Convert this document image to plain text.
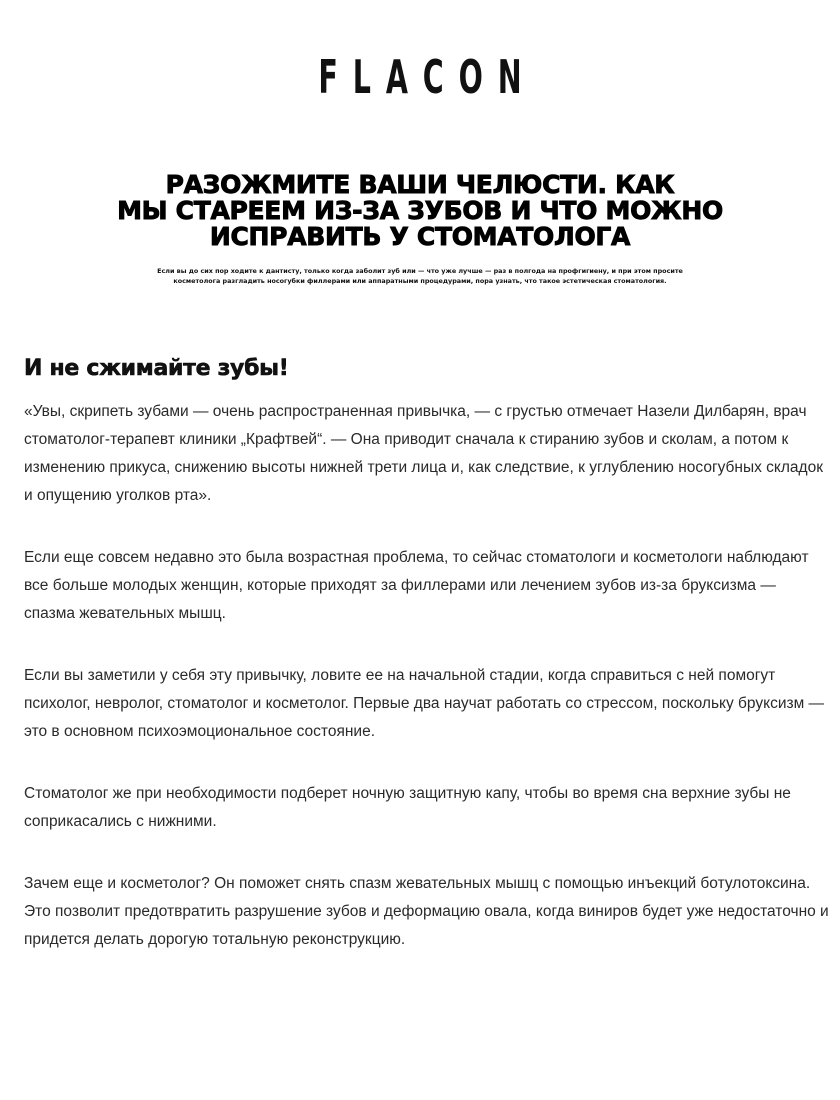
FLACON
РАЗОЖМИТЕ ВАШИ ЧЕЛЮСТИ. КАК
МЫ СТАРЕЕМ ИЗ-ЗА ЗУБОВ И ЧТО МОЖНО
ИСПРАВИТЬ У СТОМАТОЛОГА
Если вы до сих пор ходите к дантисту, только когда заболит зуб или — что уже лучше — раз в полгода на профгигиену, и при этом просите
косметолога разгладить носогубки филлерами или аппаратными процедурами, пора узнать, что такое эстетическая стоматология.
И не сжимайте зубы!

«Увы, скрипеть зубами — очень распространенная привычка, — с грустью отмечает Назели Дилбарян, врач стоматолог-терапевт клиники „Крафтвей“. — Она приводит сначала к стиранию зубов и сколам, а потом к изменению прикуса, снижению высоты нижней трети лица и, как следствие, к углублению носогубных складок и опущению уголков рта».

Если еще совсем недавно это была возрастная проблема, то сейчас стоматологи и косметологи наблюдают все больше молодых женщин, которые приходят за филлерами или лечением зубов из-за бруксизма — спазма жевательных мышц.

Если вы заметили у себя эту привычку, ловите ее на начальной стадии, когда справиться с ней помогут психолог, невролог, стоматолог и косметолог. Первые два научат работать со стрессом, поскольку бруксизм — это в основном психоэмоциональное состояние.

Стоматолог же при необходимости подберет ночную защитную капу, чтобы во время сна верхние зубы не соприкасались с нижними.

Зачем еще и косметолог? Он поможет снять спазм жевательных мышц с помощью инъекций ботулотоксина. Это позволит предотвратить разрушение зубов и деформацию овала, когда виниров будет уже недостаточно и придется делать дорогую тотальную реконструкцию.
